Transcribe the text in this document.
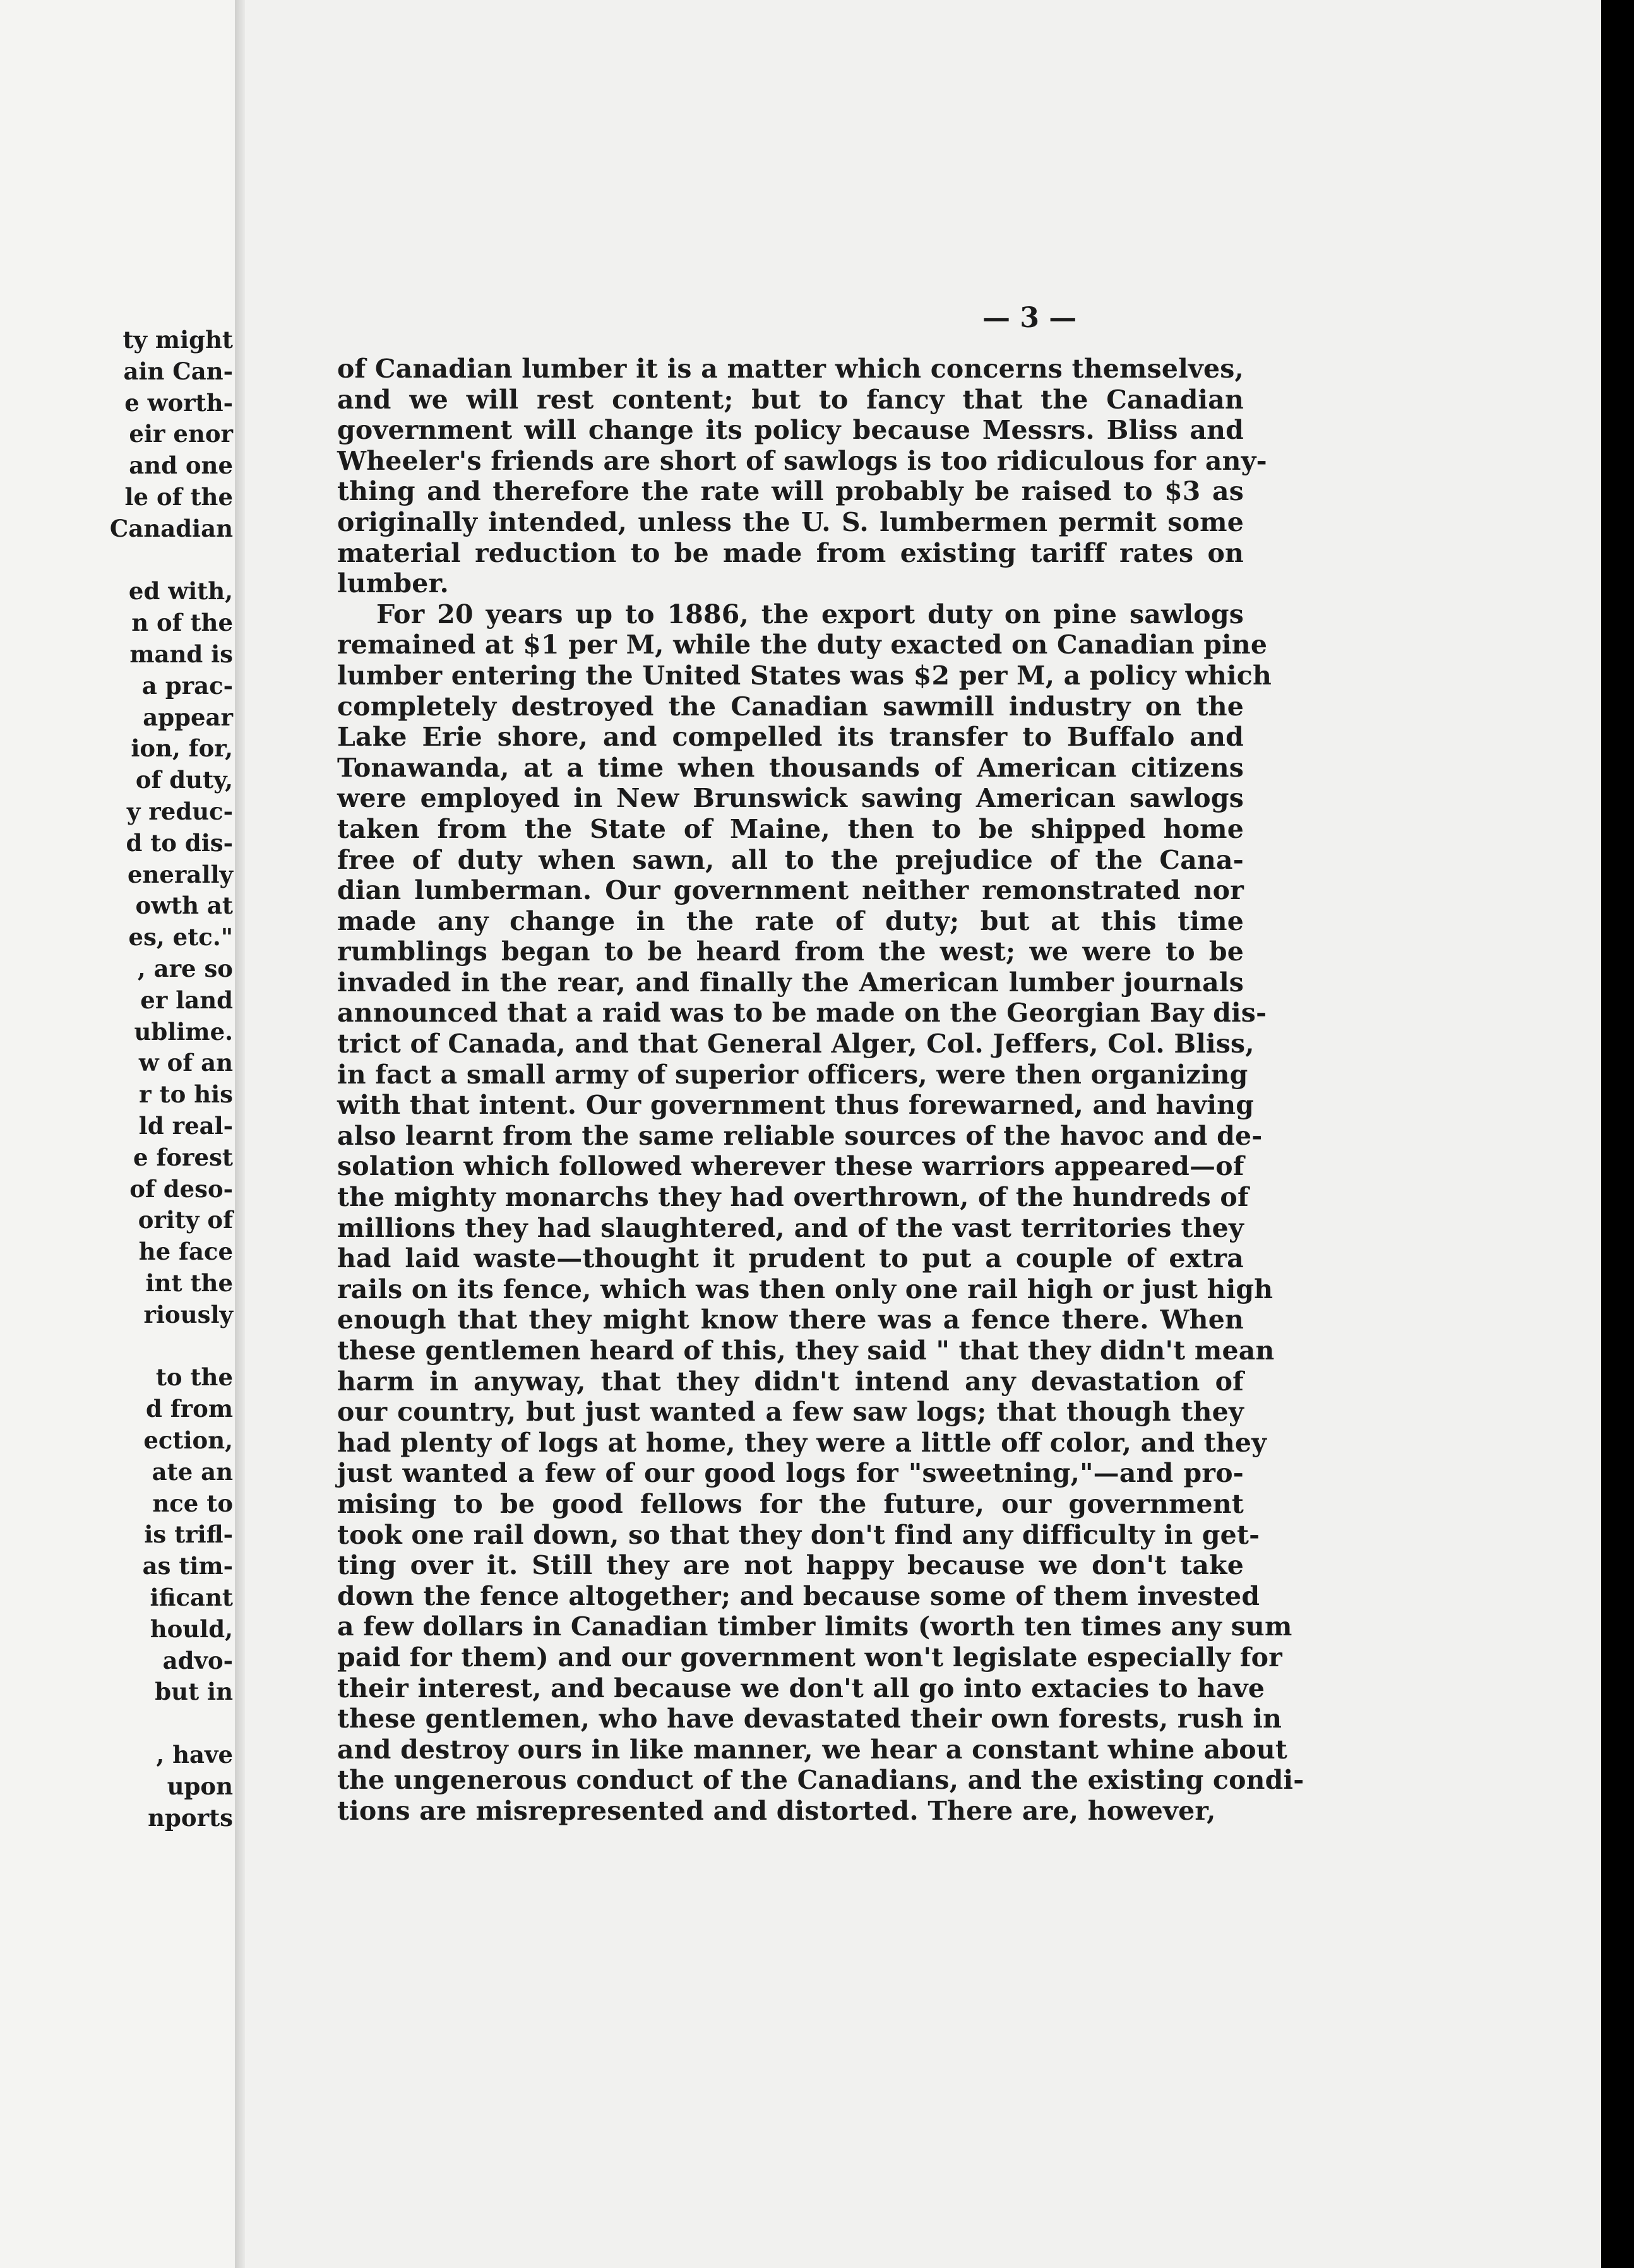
ty might
ain Can-
e worth-
eir enor
and one
le of the
Canadian
ed with,
n of the
mand is
a prac-
appear
ion, for,
of duty,
y reduc-
d to dis-
enerally
owth at
es, etc."
, are so
er land
ublime.
w of an
r to his
ld real-
e forest
of deso-
ority of
he face
int the
riously
to the
d from
ection,
ate an
nce to
is trifl-
as tim-
ificant
hould,
advo-
but in
, have
upon
nports
— 3 —
of Canadian lumber it is a matter which concerns themselves,
and we will rest content; but to fancy that the Canadian
government will change its policy because Messrs. Bliss and
Wheeler's friends are short of sawlogs is too ridiculous for any-
thing and therefore the rate will probably be raised to $3 as
originally intended, unless the U. S. lumbermen permit some
material reduction to be made from existing tariff rates on
lumber.
For 20 years up to 1886, the export duty on pine sawlogs
remained at $1 per M, while the duty exacted on Canadian pine
lumber entering the United States was $2 per M, a policy which
completely destroyed the Canadian sawmill industry on the
Lake Erie shore, and compelled its transfer to Buffalo and
Tonawanda, at a time when thousands of American citizens
were employed in New Brunswick sawing American sawlogs
taken from the State of Maine, then to be shipped home
free of duty when sawn, all to the prejudice of the Cana-
dian lumberman. Our government neither remonstrated nor
made any change in the rate of duty; but at this time
rumblings began to be heard from the west; we were to be
invaded in the rear, and finally the American lumber journals
announced that a raid was to be made on the Georgian Bay dis-
trict of Canada, and that General Alger, Col. Jeffers, Col. Bliss,
in fact a small army of superior officers, were then organizing
with that intent. Our government thus forewarned, and having
also learnt from the same reliable sources of the havoc and de-
solation which followed wherever these warriors appeared—of
the mighty monarchs they had overthrown, of the hundreds of
millions they had slaughtered, and of the vast territories they
had laid waste—thought it prudent to put a couple of extra
rails on its fence, which was then only one rail high or just high
enough that they might know there was a fence there. When
these gentlemen heard of this, they said " that they didn't mean
harm in anyway, that they didn't intend any devastation of
our country, but just wanted a few saw logs; that though they
had plenty of logs at home, they were a little off color, and they
just wanted a few of our good logs for "sweetning,"—and pro-
mising to be good fellows for the future, our government
took one rail down, so that they don't find any difficulty in get-
ting over it. Still they are not happy because we don't take
down the fence altogether; and because some of them invested
a few dollars in Canadian timber limits (worth ten times any sum
paid for them) and our government won't legislate especially for
their interest, and because we don't all go into extacies to have
these gentlemen, who have devastated their own forests, rush in
and destroy ours in like manner, we hear a constant whine about
the ungenerous conduct of the Canadians, and the existing condi-
tions are misrepresented and distorted. There are, however,
